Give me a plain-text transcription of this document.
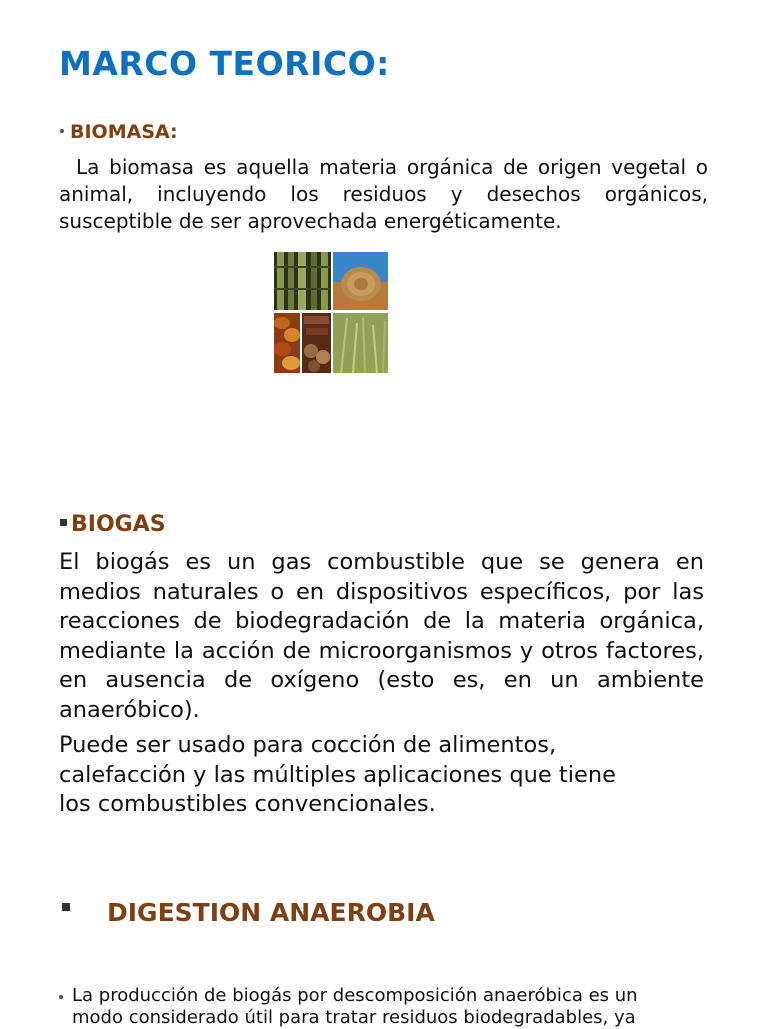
MARCO TEORICO:
BIOMASA:

La biomasa es aquella materia orgánica de origen vegetal o animal, incluyendo los residuos y desechos orgánicos, susceptible de ser aprovechada energéticamente.

BIOGAS

El biogás es un gas combustible que se genera en medios naturales o en dispositivos específicos, por las reacciones de biodegradación de la materia orgánica, mediante la acción de microorganismos y otros factores, en ausencia de oxígeno (esto es, en un ambiente anaeróbico).

Puede ser usado para cocción de alimentos,
calefacción y las múltiples aplicaciones que tiene
los combustibles convencionales.
DIGESTION ANAEROBIA
La producción de biogás por descomposición anaeróbica es un
modo considerado útil para tratar residuos biodegradables, ya
